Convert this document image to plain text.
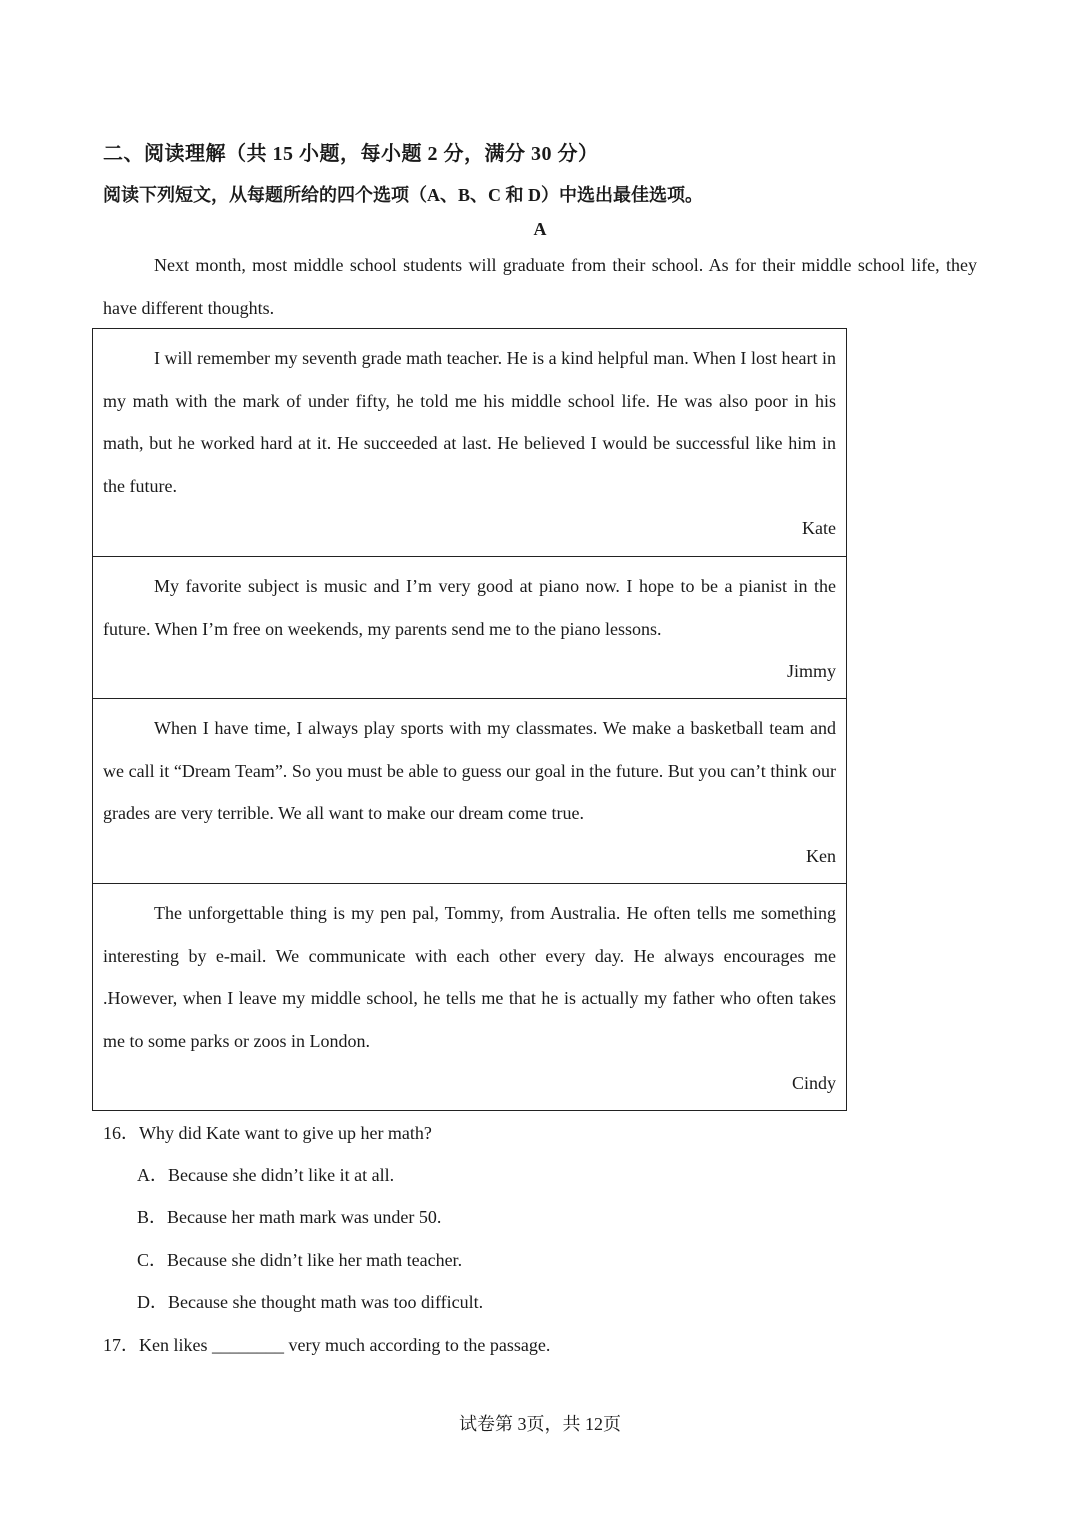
二、阅读理解（共 15 小题，每小题 2 分，满分 30 分）
阅读下列短文，从每题所给的四个选项（A、B、C 和 D）中选出最佳选项。
A

Next month, most middle school students will graduate from their school. As for their middle school life, they have different thoughts.

I will remember my seventh grade math teacher. He is a kind helpful man. When I lost heart in my math with the mark of under fifty, he told me his middle school life. He was also poor in his math, but he worked hard at it. He succeeded at last. He believed I would be successful like him in the future.

Kate

My favorite subject is music and I’m very good at piano now. I hope to be a pianist in the future. When I’m free on weekends, my parents send me to the piano lessons.

Jimmy

When I have time, I always play sports with my classmates. We make a basketball team and we call it “Dream Team”. So you must be able to guess our goal in the future. But you can’t think our grades are very terrible. We all want to make our dream come true.

Ken

The unforgettable thing is my pen pal, Tommy, from Australia. He often tells me something interesting by e-mail. We communicate with each other every day. He always encourages me .However, when I leave my middle school, he tells me that he is actually my father who often takes me to some parks or zoos in London.

Cindy

16．Why did Kate want to give up her math?
A．Because she didn’t like it at all.
B．Because her math mark was under 50.
C．Because she didn’t like her math teacher.
D．Because she thought math was too difficult.
17．Ken likes ________ very much according to the passage.
试卷第 3页，共 12页
